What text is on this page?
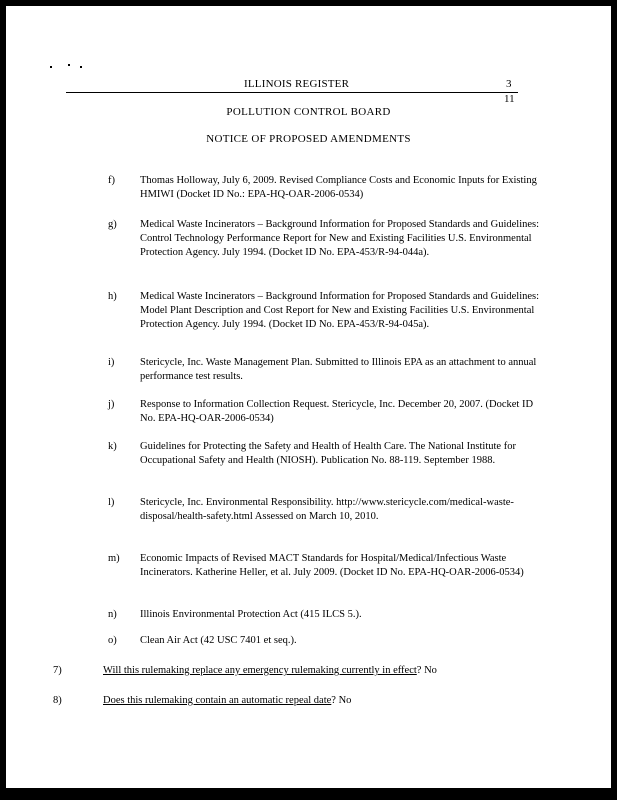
ILLINOIS REGISTER	3
11
POLLUTION CONTROL BOARD
NOTICE OF PROPOSED AMENDMENTS
f) Thomas Holloway, July 6, 2009. Revised Compliance Costs and Economic Inputs for Existing HMIWI (Docket ID No.: EPA-HQ-OAR-2006-0534)
g) Medical Waste Incinerators – Background Information for Proposed Standards and Guidelines: Control Technology Performance Report for New and Existing Facilities U.S. Environmental Protection Agency. July 1994. (Docket ID No. EPA-453/R-94-044a).
h) Medical Waste Incinerators – Background Information for Proposed Standards and Guidelines: Model Plant Description and Cost Report for New and Existing Facilities U.S. Environmental Protection Agency. July 1994. (Docket ID No. EPA-453/R-94-045a).
i) Stericycle, Inc. Waste Management Plan. Submitted to Illinois EPA as an attachment to annual performance test results.
j) Response to Information Collection Request. Stericycle, Inc. December 20, 2007. (Docket ID No. EPA-HQ-OAR-2006-0534)
k) Guidelines for Protecting the Safety and Health of Health Care. The National Institute for Occupational Safety and Health (NIOSH). Publication No. 88-119. September 1988.
l) Stericycle, Inc. Environmental Responsibility. http://www.stericycle.com/medical-waste-disposal/health-safety.html Assessed on March 10, 2010.
m) Economic Impacts of Revised MACT Standards for Hospital/Medical/Infectious Waste Incinerators. Katherine Heller, et al. July 2009. (Docket ID No. EPA-HQ-OAR-2006-0534)
n) Illinois Environmental Protection Act (415 ILCS 5.).
o) Clean Air Act (42 USC 7401 et seq.).
7)	Will this rulemaking replace any emergency rulemaking currently in effect? No
8)	Does this rulemaking contain an automatic repeal date? No
